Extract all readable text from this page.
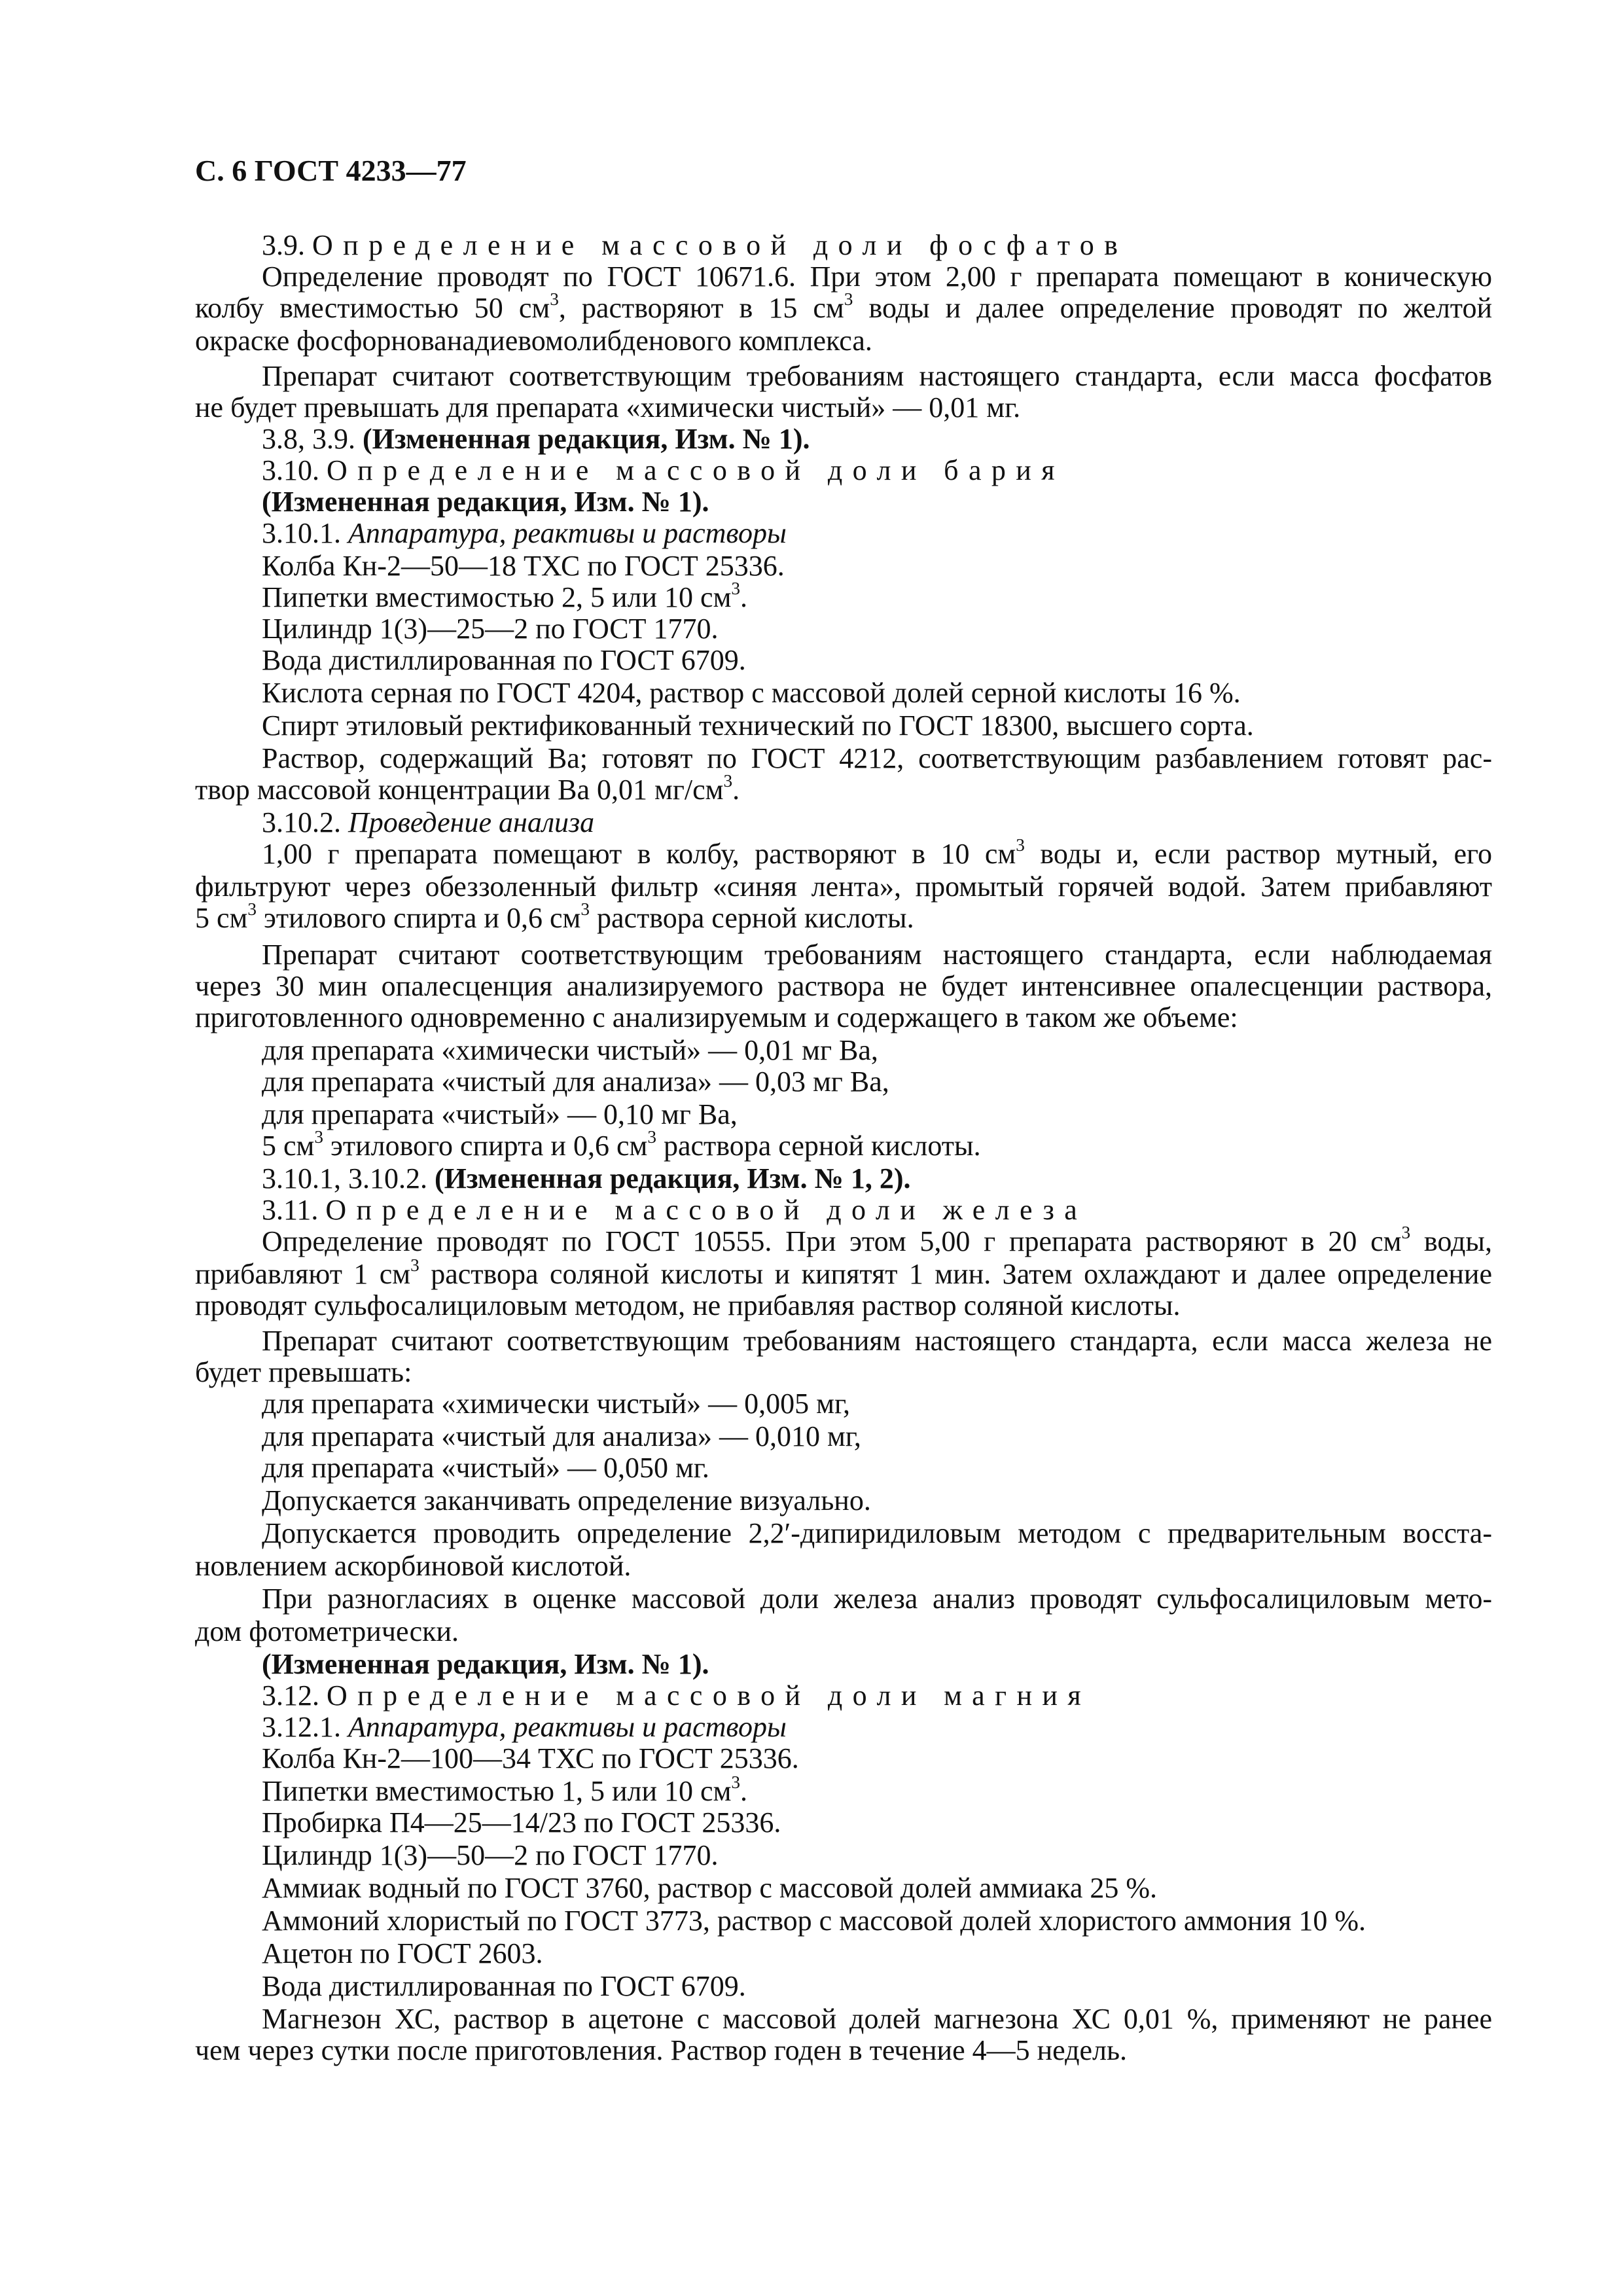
С. 6 ГОСТ 4233—77

3.9. Определение массовой доли фосфатов

Определение проводят по ГОСТ 10671.6. При этом 2,00 г препарата помещают в коническую

колбу вместимостью 50 $см^3$, растворяют в 15 $см^3$ воды и далее определение проводят по желтой

окраске фосфорнованадиевомолибденового комплекса.

Препарат считают соответствующим требованиям настоящего стандарта, если масса фосфатов

не будет превышать для препарата «химически чистый» — 0,01 мг.

3.8, 3.9. (Измененная редакция, Изм. № 1).

3.10. Определение массовой доли бария

(Измененная редакция, Изм. № 1).

3.10.1. Аппаратура, реактивы и растворы

Колба Кн-2—50—18 ТХС по ГОСТ 25336.

Пипетки вместимостью 2, 5 или 10 $см^3$.

Цилиндр 1(3)—25—2 по ГОСТ 1770.

Вода дистиллированная по ГОСТ 6709.

Кислота серная по ГОСТ 4204, раствор с массовой долей серной кислоты 16 %.

Спирт этиловый ректификованный технический по ГОСТ 18300, высшего сорта.

Раствор, содержащий Ba; готовят по ГОСТ 4212, соответствующим разбавлением готовят рас-

твор массовой концентрации Ba 0,01 $мг/см^3$.

3.10.2. Проведение анализа

1,00 г препарата помещают в колбу, растворяют в 10 $см^3$ воды и, если раствор мутный, его

фильтруют через обеззоленный фильтр «синяя лента», промытый горячей водой. Затем прибавляют

5 $см^3$ этилового спирта и 0,6 $см^3$ раствора серной кислоты.

Препарат считают соответствующим требованиям настоящего стандарта, если наблюдаемая

через 30 мин опалесценция анализируемого раствора не будет интенсивнее опалесценции раствора,

приготовленного одновременно с анализируемым и содержащего в таком же объеме:

для препарата «химически чистый» — 0,01 мг Ba,

для препарата «чистый для анализа» — 0,03 мг Ba,

для препарата «чистый» — 0,10 мг Ba,

5 $см^3$ этилового спирта и 0,6 $см^3$ раствора серной кислоты.

3.10.1, 3.10.2. (Измененная редакция, Изм. № 1, 2).

3.11. Определение массовой доли железа

Определение проводят по ГОСТ 10555. При этом 5,00 г препарата растворяют в 20 $см^3$ воды,

прибавляют 1 $см^3$ раствора соляной кислоты и кипятят 1 мин. Затем охлаждают и далее определение

проводят сульфосалициловым методом, не прибавляя раствор соляной кислоты.

Препарат считают соответствующим требованиям настоящего стандарта, если масса железа не

будет превышать:

для препарата «химически чистый» — 0,005 мг,

для препарата «чистый для анализа» — 0,010 мг,

для препарата «чистый» — 0,050 мг.

Допускается заканчивать определение визуально.

Допускается проводить определение 2,2′-дипиридиловым методом с предварительным восста-

новлением аскорбиновой кислотой.

При разногласиях в оценке массовой доли железа анализ проводят сульфосалициловым мето-

дом фотометрически.

(Измененная редакция, Изм. № 1).

3.12. Определение массовой доли магния

3.12.1. Аппаратура, реактивы и растворы

Колба Кн-2—100—34 ТХС по ГОСТ 25336.

Пипетки вместимостью 1, 5 или 10 $см^3$.

Пробирка П4—25—14/23 по ГОСТ 25336.

Цилиндр 1(3)—50—2 по ГОСТ 1770.

Аммиак водный по ГОСТ 3760, раствор с массовой долей аммиака 25 %.

Аммоний хлористый по ГОСТ 3773, раствор с массовой долей хлористого аммония 10 %.

Ацетон по ГОСТ 2603.

Вода дистиллированная по ГОСТ 6709.

Магнезон ХС, раствор в ацетоне с массовой долей магнезона ХС 0,01 %, применяют не ранее

чем через сутки после приготовления. Раствор годен в течение 4—5 недель.
